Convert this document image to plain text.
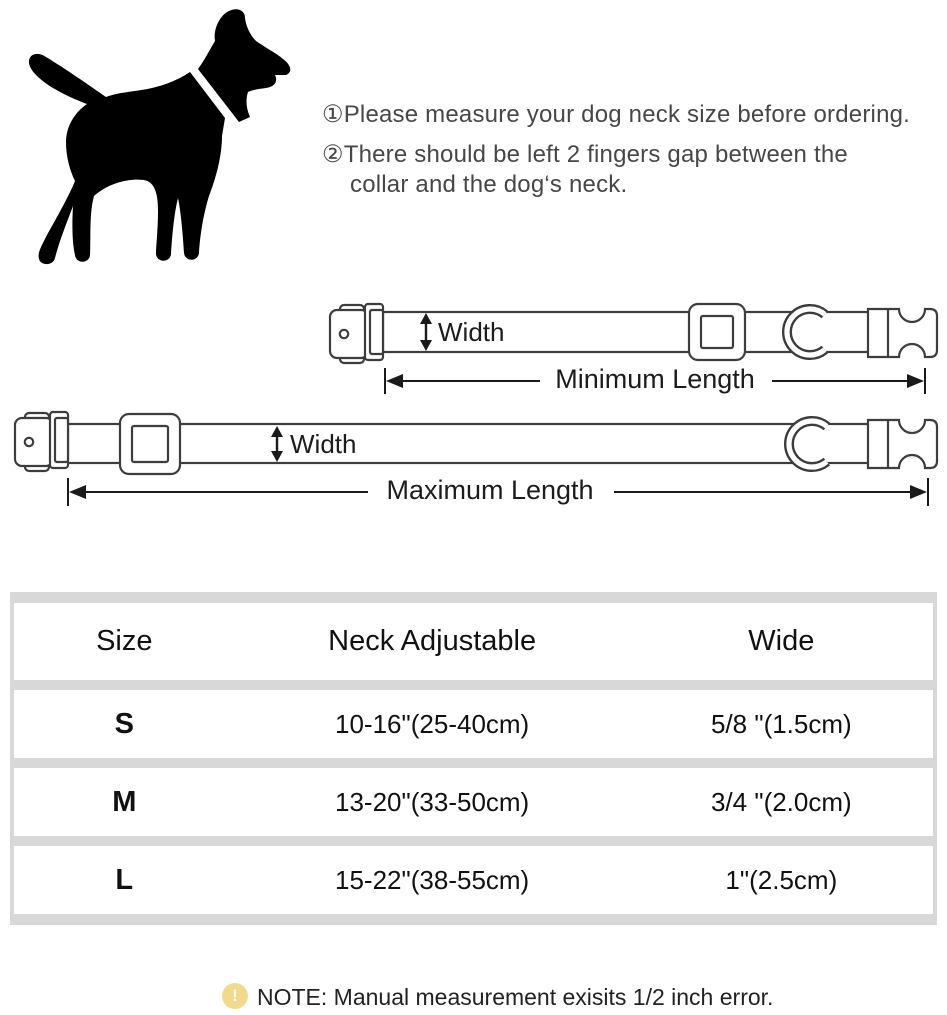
①Please measure your dog neck size before ordering.
②There should be left 2 fingers gap between the
collar and the dog‘s neck.
Width
Minimum Length
Width
Maximum Length
Size	Neck Adjustable	Wide
S	10-16"(25-40cm)	5/8 "(1.5cm)
M	13-20"(33-50cm)	3/4 "(2.0cm)
L	15-22"(38-55cm)	1"(2.5cm)
! NOTE: Manual measurement exisits 1/2 inch error.
